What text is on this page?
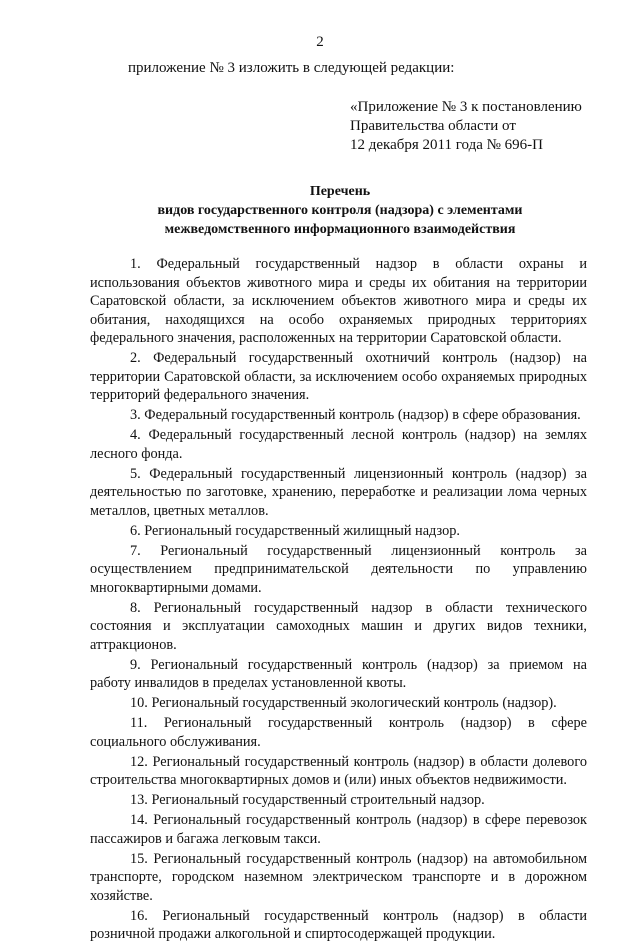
2
приложение № 3 изложить в следующей редакции:
«Приложение № 3 к постановлению
Правительства области от
12 декабря 2011 года № 696-П
Перечень
видов государственного контроля (надзора) с элементами
межведомственного информационного взаимодействия

1. Федеральный государственный надзор в области охраны и использования объектов животного мира и среды их обитания на территории Саратовской области, за исключением объектов животного мира и среды их обитания, находящихся на особо охраняемых природных территориях федерального значения, расположенных на территории Саратовской области.

2. Федеральный государственный охотничий контроль (надзор) на территории Саратовской области, за исключением особо охраняемых природных территорий федерального значения.

3. Федеральный государственный контроль (надзор) в сфере образования.

4. Федеральный государственный лесной контроль (надзор) на землях лесного фонда.

5. Федеральный государственный лицензионный контроль (надзор) за деятельностью по заготовке, хранению, переработке и реализации лома черных металлов, цветных металлов.

6. Региональный государственный жилищный надзор.

7. Региональный государственный лицензионный контроль за осуществлением предпринимательской деятельности по управлению многоквартирными домами.

8. Региональный государственный надзор в области технического состояния и эксплуатации самоходных машин и других видов техники, аттракционов.

9. Региональный государственный контроль (надзор) за приемом на работу инвалидов в пределах установленной квоты.

10. Региональный государственный экологический контроль (надзор).

11. Региональный государственный контроль (надзор) в сфере социального обслуживания.

12. Региональный государственный контроль (надзор) в области долевого строительства многоквартирных домов и (или) иных объектов недвижимости.

13. Региональный государственный строительный надзор.

14. Региональный государственный контроль (надзор) в сфере перевозок пассажиров и багажа легковым такси.

15. Региональный государственный контроль (надзор) на автомобильном транспорте, городском наземном электрическом транспорте и в дорожном хозяйстве.

16. Региональный государственный контроль (надзор) в области розничной продажи алкогольной и спиртосодержащей продукции.
